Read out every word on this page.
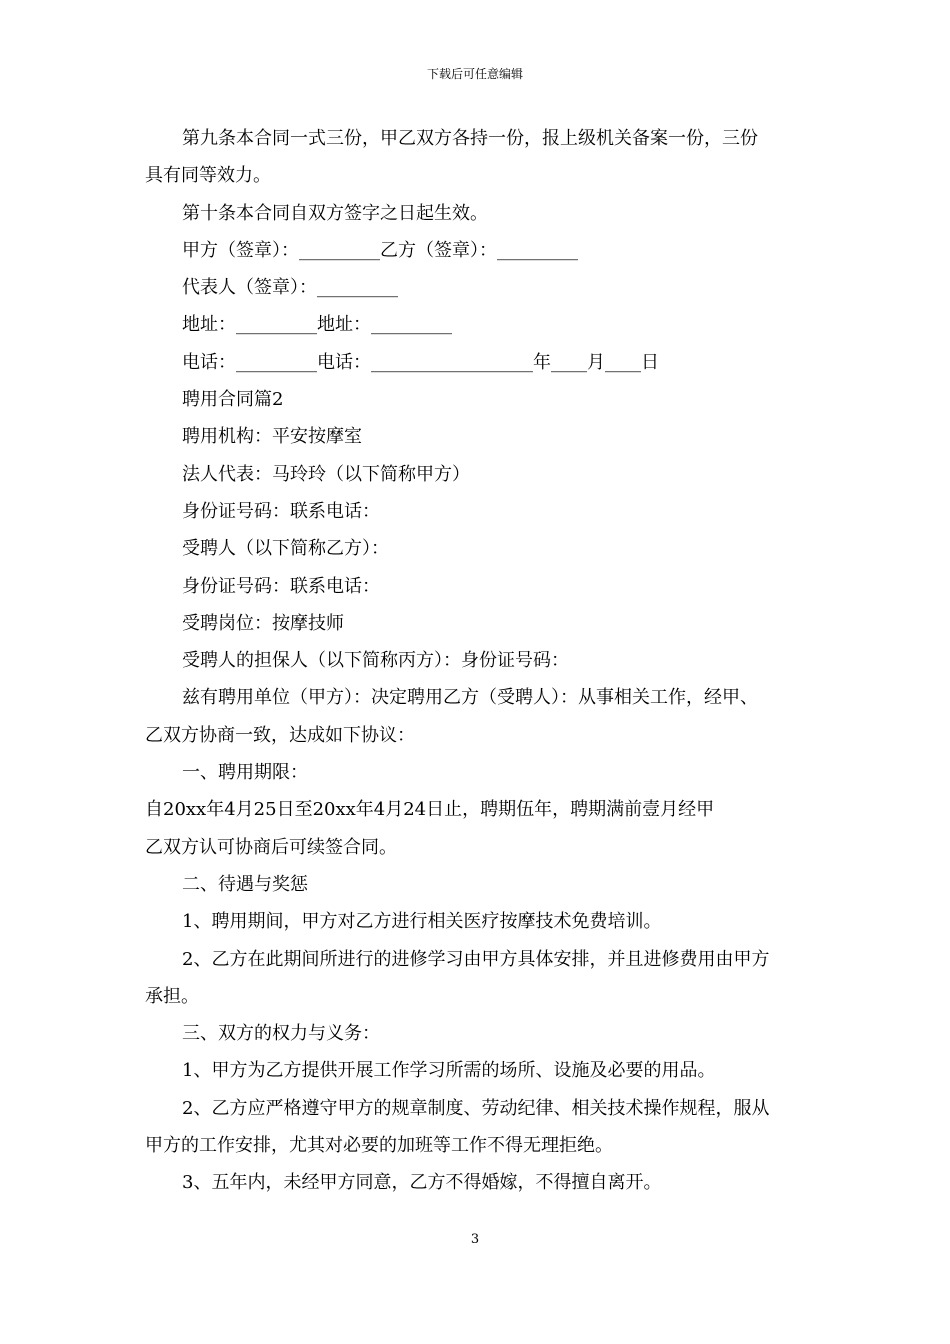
下载后可任意编辑

第九条本合同一式三份，甲乙双方各持一份，报上级机关备案一份，三份

具有同等效力。

第十条本合同自双方签字之日起生效。

甲方（签章）：_________乙方（签章）：_________

代表人（签章）：_________

地址：_________地址：_________

电话：_________电话：__________________年____月____日

聘用合同篇2

聘用机构：平安按摩室

法人代表：马玲玲（以下简称甲方）

身份证号码：联系电话：

受聘人（以下简称乙方）：

身份证号码：联系电话：

受聘岗位：按摩技师

受聘人的担保人（以下简称丙方）：身份证号码：

兹有聘用单位（甲方）：决定聘用乙方（受聘人）：从事相关工作，经甲、

乙双方协商一致，达成如下协议：

一、聘用期限：

自20xx年4月25日至20xx年4月24日止，聘期伍年，聘期满前壹月经甲

乙双方认可协商后可续签合同。

二、待遇与奖惩

1、聘用期间，甲方对乙方进行相关医疗按摩技术免费培训。

2、乙方在此期间所进行的进修学习由甲方具体安排，并且进修费用由甲方

承担。

三、双方的权力与义务：

1、甲方为乙方提供开展工作学习所需的场所、设施及必要的用品。

2、乙方应严格遵守甲方的规章制度、劳动纪律、相关技术操作规程，服从

甲方的工作安排，尤其对必要的加班等工作不得无理拒绝。

3、五年内，未经甲方同意，乙方不得婚嫁，不得擅自离开。

3
